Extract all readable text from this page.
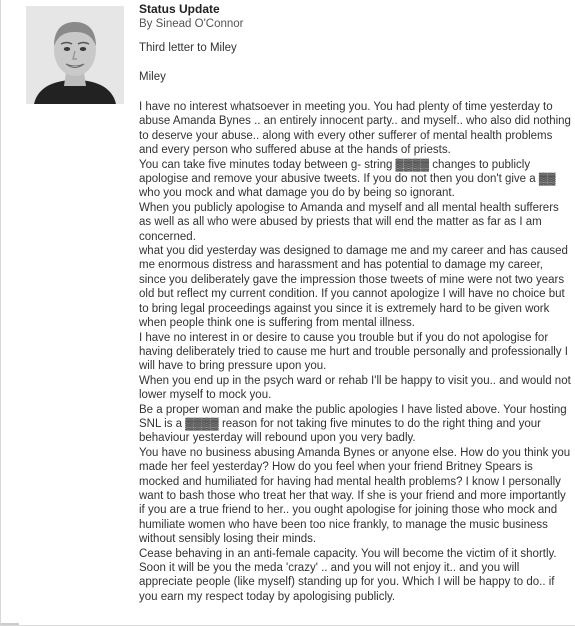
Status Update
By Sinead O'Connor
Third letter to Miley
Miley

I have no interest whatsoever in meeting you. You had plenty of time yesterday to abuse Amanda Bynes .. an entirely innocent party.. and myself.. who also did nothing to deserve your abuse.. along with every other sufferer of mental health problems and every person who suffered abuse at the hands of priests.

You can take five minutes today between g- string ▓▓▓▓ changes to publicly apologise and remove your abusive tweets. If you do not then you don't give a ▓▓ who you mock and what damage you do by being so ignorant.

When you publicly apologise to Amanda and myself and all mental health sufferers as well as all who were abused by priests that will end the matter as far as I am concerned.

what you did yesterday was designed to damage me and my career and has caused me enormous distress and harassment and has potential to damage my career, since you deliberately gave the impression those tweets of mine were not two years old but reflect my current condition. If you cannot apologize I will have no choice but to bring legal proceedings against you since it is extremely hard to be given work when people think one is suffering from mental illness.

I have no interest in or desire to cause you trouble but if you do not apologise for having deliberately tried to cause me hurt and trouble personally and professionally I will have to bring pressure upon you.

When you end up in the psych ward or rehab I'll be happy to visit you.. and would not lower myself to mock you.

Be a proper woman and make the public apologies I have listed above. Your hosting SNL is a ▓▓▓▓ reason for not taking five minutes to do the right thing and your behaviour yesterday will rebound upon you very badly.

You have no business abusing Amanda Bynes or anyone else. How do you think you made her feel yesterday? How do you feel when your friend Britney Spears is mocked and humiliated for having had mental health problems? I know I personally want to bash those who treat her that way. If she is your friend and more importantly if you are a true friend to her.. you ought apologise for joining those who mock and humiliate women who have been too nice frankly, to manage the music business without sensibly losing their minds.

Cease behaving in an anti-female capacity. You will become the victim of it shortly. Soon it will be you the meda 'crazy' .. and you will not enjoy it.. and you will appreciate people (like myself) standing up for you. Which I will be happy to do.. if you earn my respect today by apologising publicly.
